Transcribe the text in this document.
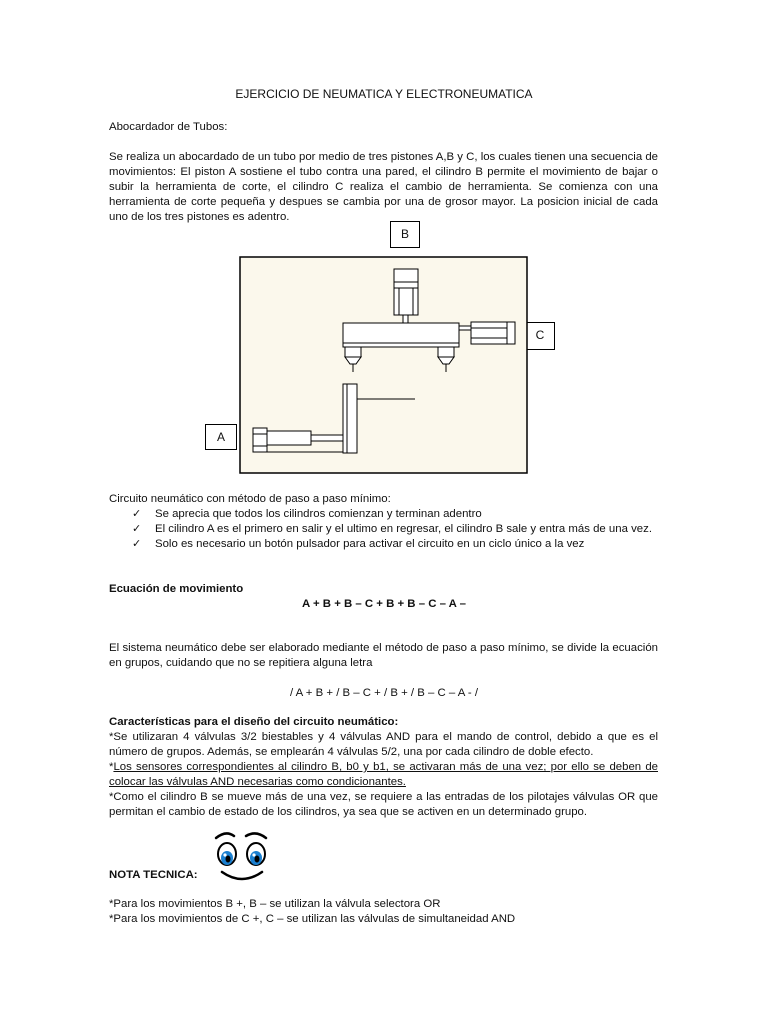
EJERCICIO DE NEUMATICA Y ELECTRONEUMATICA
Abocardador de Tubos:
Se realiza un abocardado de un tubo por medio de tres pistones A,B y C, los cuales tienen una secuencia de movimientos: El piston A sostiene el tubo contra una pared, el cilindro B permite el movimiento de bajar o subir la herramienta de corte, el cilindro C realiza el cambio de herramienta. Se comienza con una herramienta de corte pequeña y despues se cambia por una de grosor mayor. La posicion inicial de cada uno de los tres pistones es adentro.
B
C
A
Circuito neumático con método de paso a paso mínimo:
✓ Se aprecia que todos los cilindros comienzan y terminan adentro
✓ El cilindro A es el primero en salir y el ultimo en regresar, el cilindro B sale y entra más de una vez.
✓ Solo es necesario un botón pulsador para activar el circuito en un ciclo único a la vez
Ecuación de movimiento
A + B + B – C + B + B – C – A –
El sistema neumático debe ser elaborado mediante el método de paso a paso mínimo, se divide la ecuación en grupos, cuidando que no se repitiera alguna letra
/ A + B + / B – C + / B + / B – C – A - /
Características para el diseño del circuito neumático:
*Se utilizaran 4 válvulas 3/2 biestables y 4 válvulas AND para el mando de control, debido a que es el número de grupos. Además, se emplearán 4 válvulas 5/2, una por cada cilindro de doble efecto.
*Los sensores correspondientes al cilindro B, b0 y b1, se activaran más de una vez; por ello se deben de colocar las válvulas AND necesarias como condicionantes.
*Como el cilindro B se mueve más de una vez, se requiere a las entradas de los pilotajes válvulas OR que permitan el cambio de estado de los cilindros, ya sea que se activen en un determinado grupo.
NOTA TECNICA:
*Para los movimientos B +, B – se utilizan la válvula selectora OR
*Para los movimientos de C +, C – se utilizan las válvulas de simultaneidad AND
